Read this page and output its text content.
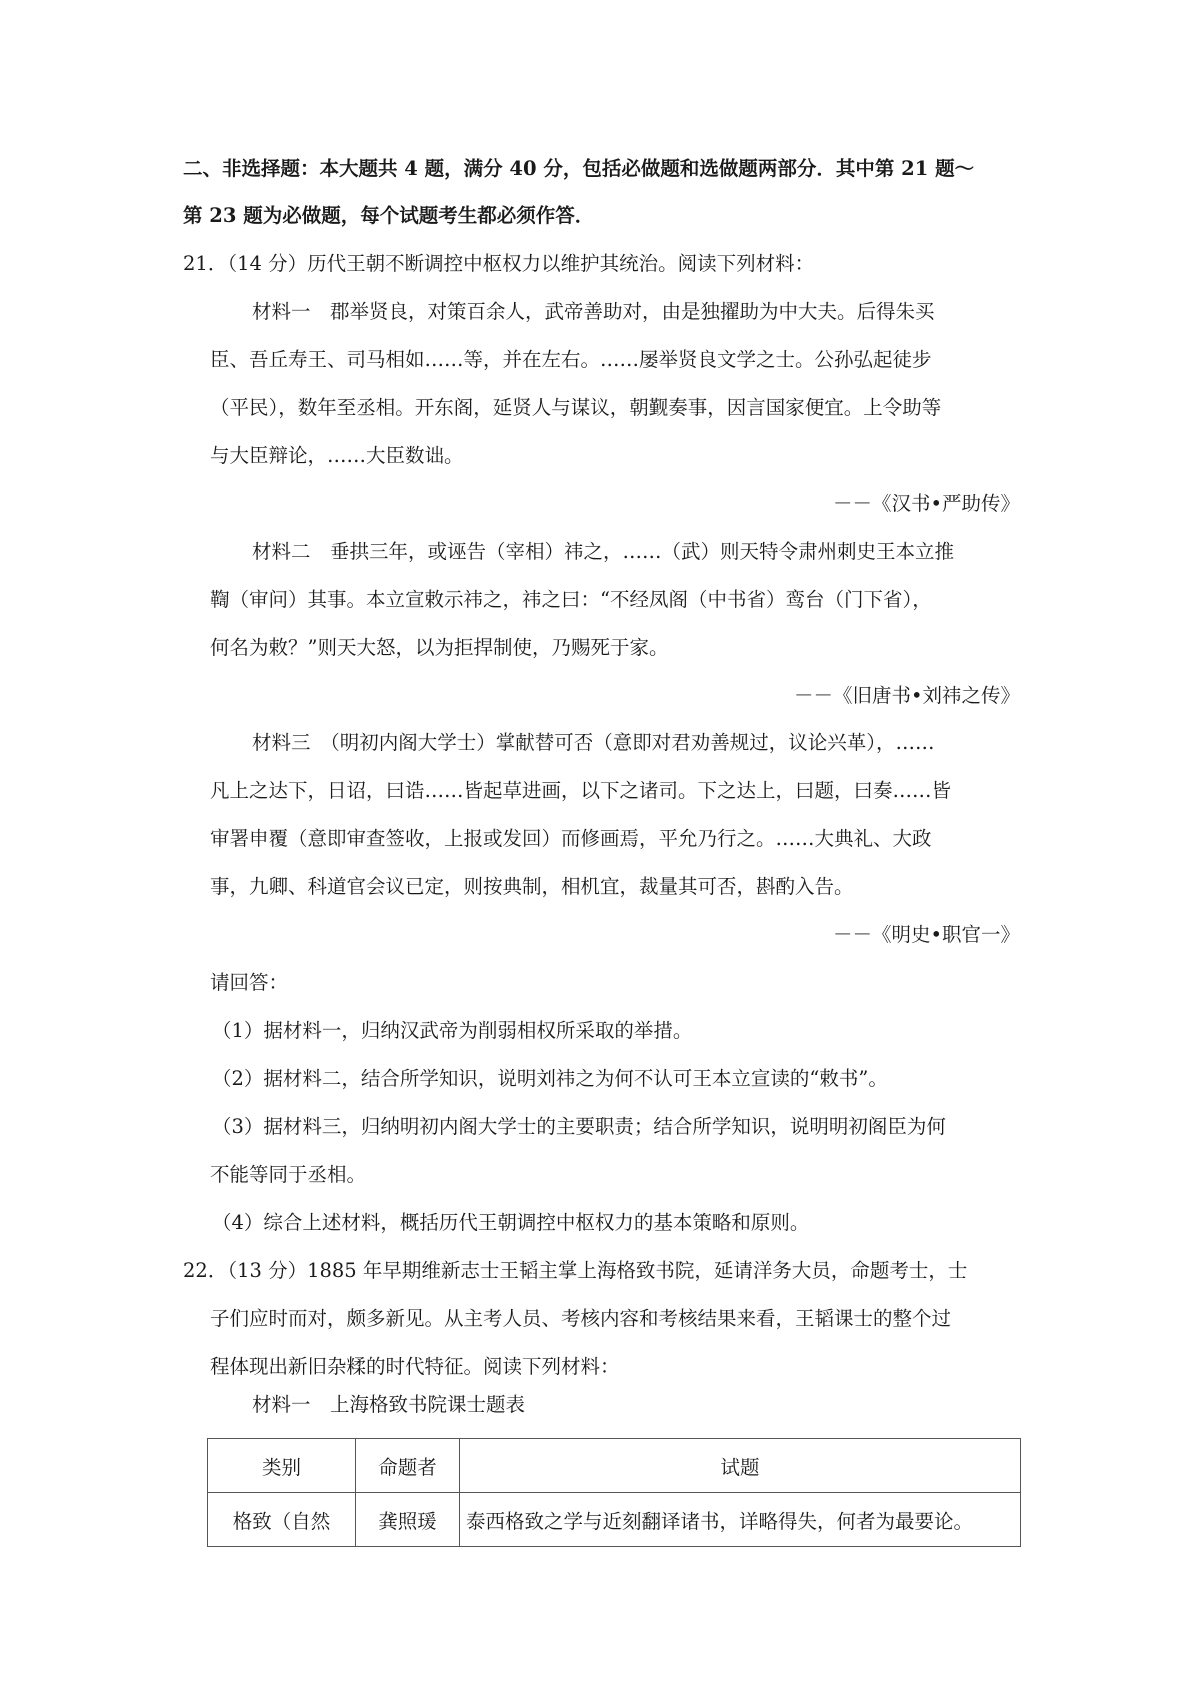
二、非选择题：本大题共 4 题，满分 40 分，包括必做题和选做题两部分．其中第 21 题～
第 23 题为必做题，每个试题考生都必须作答．
21．（14 分）历代王朝不断调控中枢权力以维护其统治。阅读下列材料：
材料一　郡举贤良，对策百余人，武帝善助对，由是独擢助为中大夫。后得朱买
臣、吾丘寿王、司马相如……等，并在左右。……屡举贤良文学之士。公孙弘起徒步
（平民），数年至丞相。开东阁，延贤人与谋议，朝觐奏事，因言国家便宜。上令助等
与大臣辩论，……大臣数诎。
－－《汉书•严助传》
材料二　垂拱三年，或诬告（宰相）祎之，……（武）则天特令肃州刺史王本立推
鞫（审问）其事。本立宣敕示祎之，祎之曰：“不经凤阁（中书省）鸾台（门下省），
何名为敕？”则天大怒，以为拒捍制使，乃赐死于家。
－－《旧唐书•刘祎之传》
材料三　（明初内阁大学士）掌献替可否（意即对君劝善规过，议论兴革），……
凡上之达下，日诏，曰诰……皆起草进画，以下之诸司。下之达上，曰题，曰奏……皆
审署申覆（意即审查签收，上报或发回）而修画焉，平允乃行之。……大典礼、大政
事，九卿、科道官会议已定，则按典制，相机宜，裁量其可否，斟酌入告。
－－《明史•职官一》
请回答：
（1）据材料一，归纳汉武帝为削弱相权所采取的举措。
（2）据材料二，结合所学知识，说明刘祎之为何不认可王本立宣读的“敕书”。
（3）据材料三，归纳明初内阁大学士的主要职责；结合所学知识，说明明初阁臣为何
不能等同于丞相。
（4）综合上述材料，概括历代王朝调控中枢权力的基本策略和原则。
22．（13 分）1885 年早期维新志士王韬主掌上海格致书院，延请洋务大员，命题考士，士
子们应时而对，颇多新见。从主考人员、考核内容和考核结果来看，王韬课士的整个过
程体现出新旧杂糅的时代特征。阅读下列材料：
材料一　上海格致书院课士题表
类别	命题者	试题
格致（自然	龚照瑗	泰西格致之学与近刻翻译诸书，详略得失，何者为最要论。
